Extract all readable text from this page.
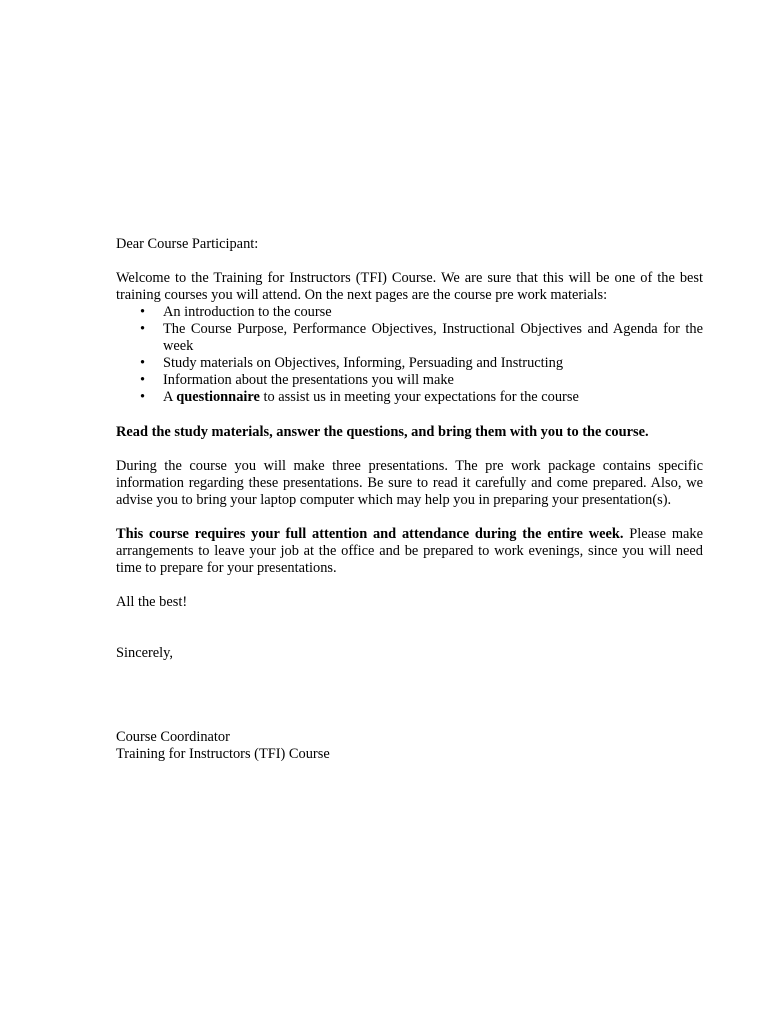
Dear Course Participant:

Welcome to the Training for Instructors (TFI) Course. We are sure that this will be one of the best training courses you will attend. On the next pages are the course pre work materials:

• An introduction to the course
• The Course Purpose, Performance Objectives, Instructional Objectives and Agenda for the week
• Study materials on Objectives, Informing, Persuading and Instructing
• Information about the presentations you will make
• A questionnaire to assist us in meeting your expectations for the course

Read the study materials, answer the questions, and bring them with you to the course.

During the course you will make three presentations. The pre work package contains specific information regarding these presentations. Be sure to read it carefully and come prepared. Also, we advise you to bring your laptop computer which may help you in preparing your presentation(s).

This course requires your full attention and attendance during the entire week. Please make arrangements to leave your job at the office and be prepared to work evenings, since you will need time to prepare for your presentations.

All the best!

Sincerely,

Course Coordinator

Training for Instructors (TFI) Course
